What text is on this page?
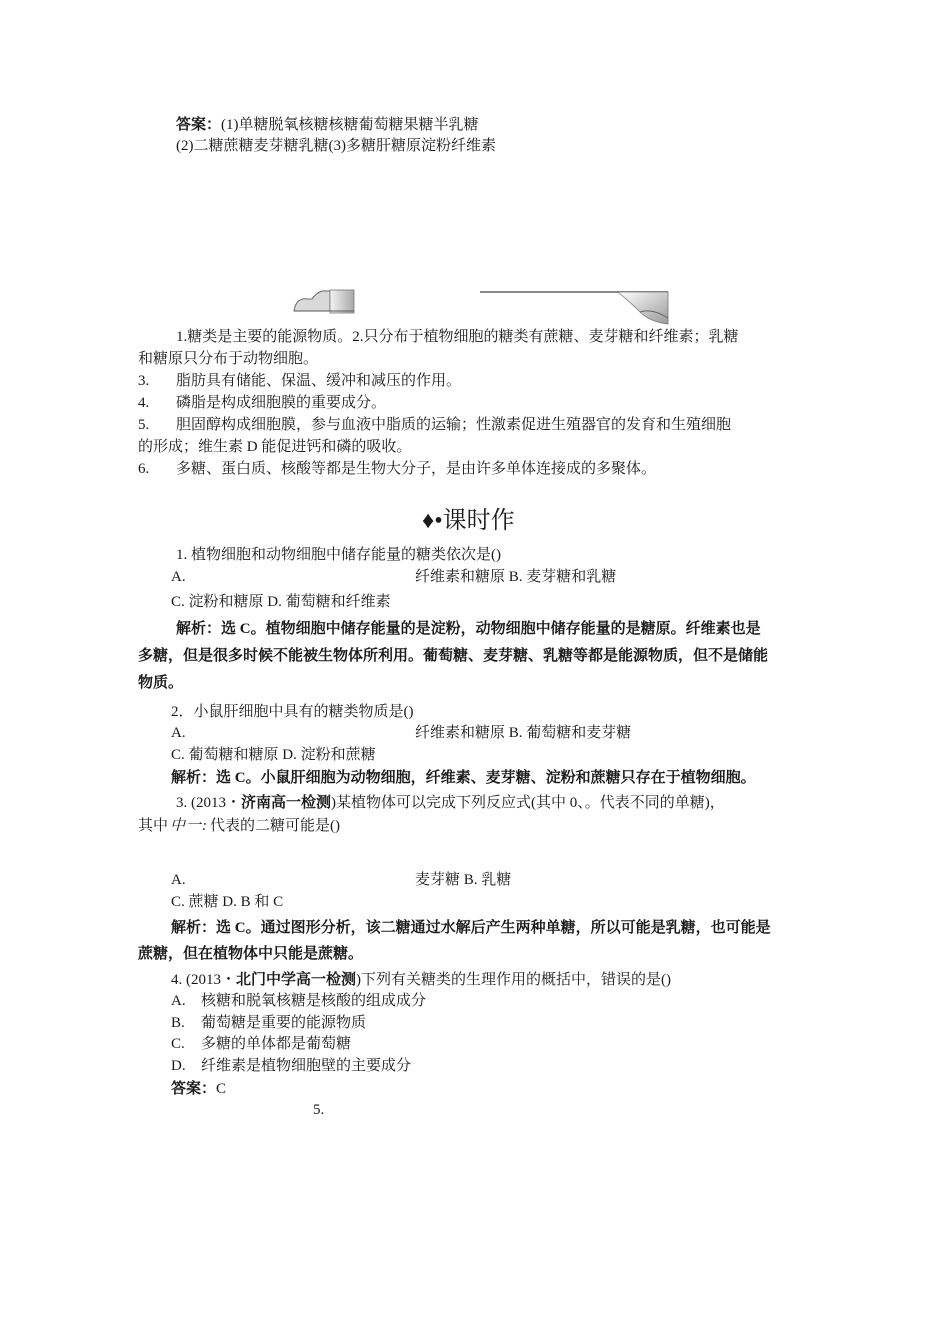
答案：(1)单糖脱氧核糖核糖葡萄糖果糖半乳糖
(2)二糖蔗糖麦芽糖乳糖(3)多糖肝糖原淀粉纤维素
1.糖类是主要的能源物质。2.只分布于植物细胞的糖类有蔗糖、麦芽糖和纤维素；乳糖
和糖原只分布于动物细胞。
3. 脂肪具有储能、保温、缓冲和减压的作用。
4. 磷脂是构成细胞膜的重要成分。
5. 胆固醇构成细胞膜，参与血液中脂质的运输；性激素促进生殖器官的发育和生殖细胞
的形成；维生素 D 能促进钙和磷的吸收。
6. 多糖、蛋白质、核酸等都是生物大分子，是由许多单体连接成的多聚体。
♦•课时作
1. 植物细胞和动物细胞中储存能量的糖类依次是()
A.	纤维素和糖原 B. 麦芽糖和乳糖
C. 淀粉和糖原 D. 葡萄糖和纤维素
解析：选 C。植物细胞中储存能量的是淀粉，动物细胞中储存能量的是糖原。纤维素也是
多糖，但是很多时候不能被生物体所利用。葡萄糖、麦芽糖、乳糖等都是能源物质，但不是储能
物质。
2．小鼠肝细胞中具有的糖类物质是()
A.	纤维素和糖原 B. 葡萄糖和麦芽糖
C. 葡萄糖和糖原 D. 淀粉和蔗糖
解析：选 C。小鼠肝细胞为动物细胞，纤维素、麦芽糖、淀粉和蔗糖只存在于植物细胞。
3. (2013・济南高一检测)某植物体可以完成下列反应式(其中 0、。代表不同的单糖)，
其中 中一: 代表的二糖可能是()
A.	麦芽糖 B. 乳糖
C. 蔗糖 D. B 和 C
解析：选 C。通过图形分析，该二糖通过水解后产生两种单糖，所以可能是乳糖，也可能是
蔗糖，但在植物体中只能是蔗糖。
4. (2013・北门中学高一检测)下列有关糖类的生理作用的概括中，错误的是()
A. 核糖和脱氧核糖是核酸的组成成分
B. 葡萄糖是重要的能源物质
C. 多糖的单体都是葡萄糖
D. 纤维素是植物细胞壁的主要成分
答案：C
5.
